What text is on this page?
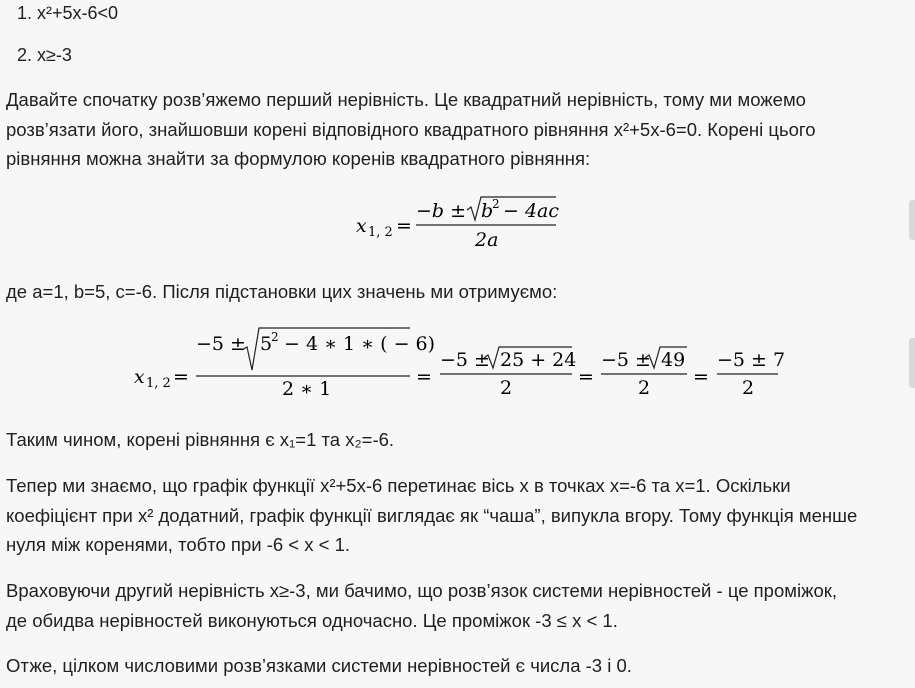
1. x²+5x-6<0
2. x≥-3
Давайте спочатку розв’яжемо перший нерівність. Це квадратний нерівність, тому ми можемо
розв’язати його, знайшовши корені відповідного квадратного рівняння x²+5x-6=0. Корені цього
рівняння можна знайти за формулою коренів квадратного рівняння:
x 1, 2 =
−b ± b
2 − 4ac
2a
де a=1, b=5, c=-6. Після підстановки цих значень ми отримуємо:
x 1, 2 =
−5 ± 5
2 − 4 ∗ 1 ∗ ( − 6)
2 ∗ 1
=
−5 ± 25 + 24
2	=
−5 ± 49
2 =
−5 ± 7
2
Таким чином, корені рівняння є x₁=1 та x₂=-6.
Тепер ми знаємо, що графік функції x²+5x-6 перетинає вісь x в точках x=-6 та x=1. Оскільки
коефіцієнт при x² додатний, графік функції виглядає як “чаша”, випукла вгору. Тому функція менше
нуля між коренями, тобто при -6 < x < 1.
Враховуючи другий нерівність x≥-3, ми бачимо, що розв’язок системи нерівностей - це проміжок,
де обидва нерівностей виконуються одночасно. Це проміжок -3 ≤ x < 1.
Отже, цілком числовими розв’язками системи нерівностей є числа -3 і 0.
